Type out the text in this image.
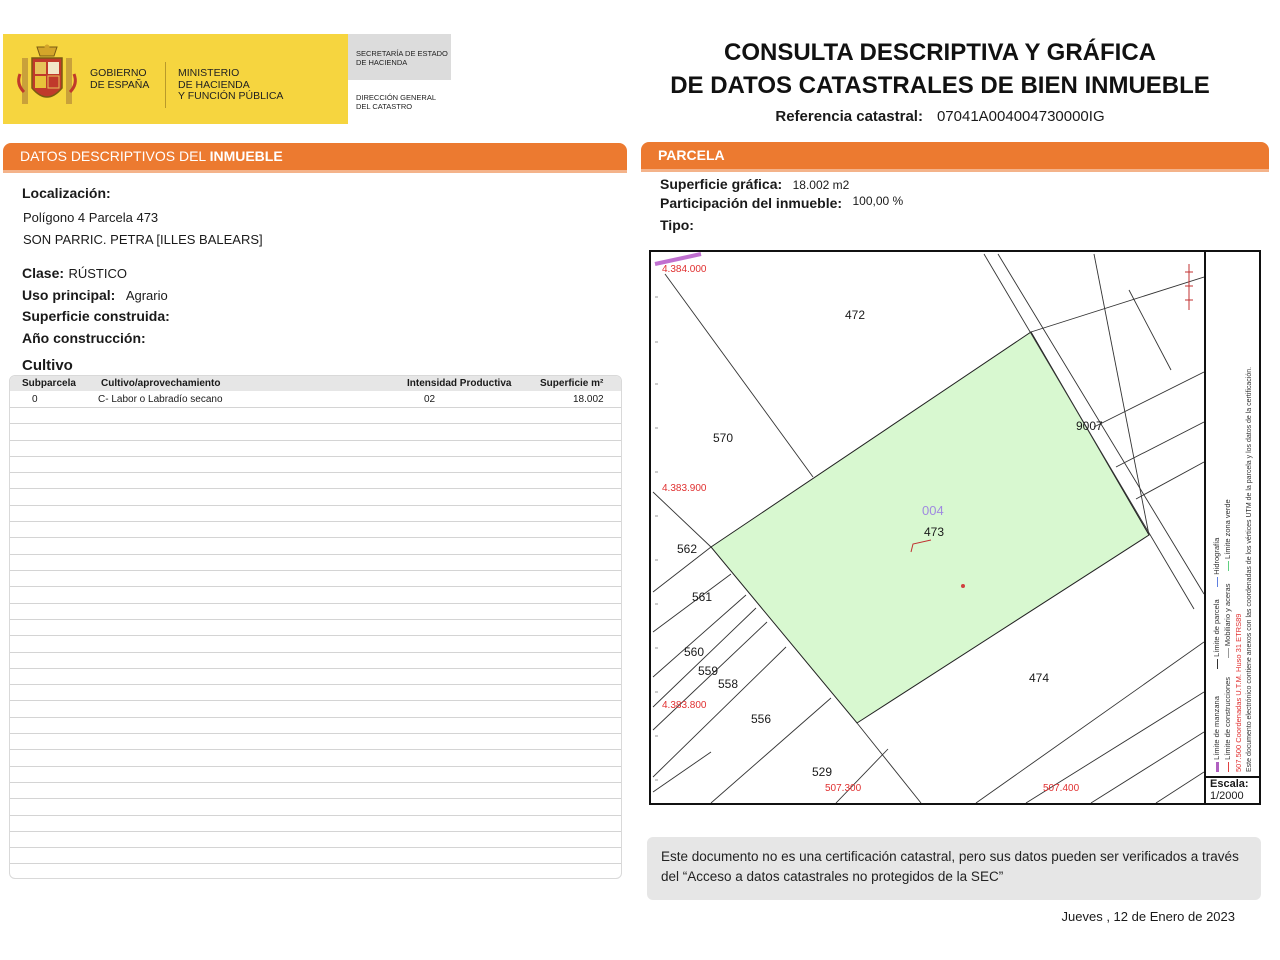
GOBIERNO
DE ESPAÑA
MINISTERIO
DE HACIENDA
Y FUNCIÓN PÚBLICA
SECRETARÍA DE ESTADO
DE HACIENDA
DIRECCIÓN GENERAL
DEL CATASTRO
CONSULTA DESCRIPTIVA Y GRÁFICA
DE DATOS CATASTRALES DE BIEN INMUEBLE
Referencia catastral: 07041A004004730000IG
DATOS DESCRIPTIVOS DEL INMUEBLE
Localización:
Polígono 4 Parcela 473
SON PARRIC. PETRA [ILLES BALEARS]
Clase: RÚSTICO
Uso principal: Agrario
Superficie construida:
Año construcción:
Cultivo
Subparcela	Cultivo/aprovechamiento	Intensidad Productiva	Superficie m²
0	C- Labor o Labradío secano	02	18.002
PARCELA
Superficie gráfica: 18.002 m2
Participación del inmueble: 100,00 %
Tipo:
472
570
9007
004
473
562
561
560
559
558
556
529
474
4.384.000
4.383.900
4.383.800
507.300	507.400
Límite de manzana              Límite de parcela       Hidrografía
Límite de construcciones          Mobiliario y aceras       Límite zona verde
507.500 Coordenadas U.T.M. Huso 31 ETRS89 Este documento electrónico contiene anexos con las coordenadas de los vértices UTM de la parcela y los datos de la certificación.
Escala:
1/2000
Este documento no es una certificación catastral, pero sus datos pueden ser verificados a través del “Acceso a datos catastrales no protegidos de la SEC”
Jueves , 12 de Enero de 2023
